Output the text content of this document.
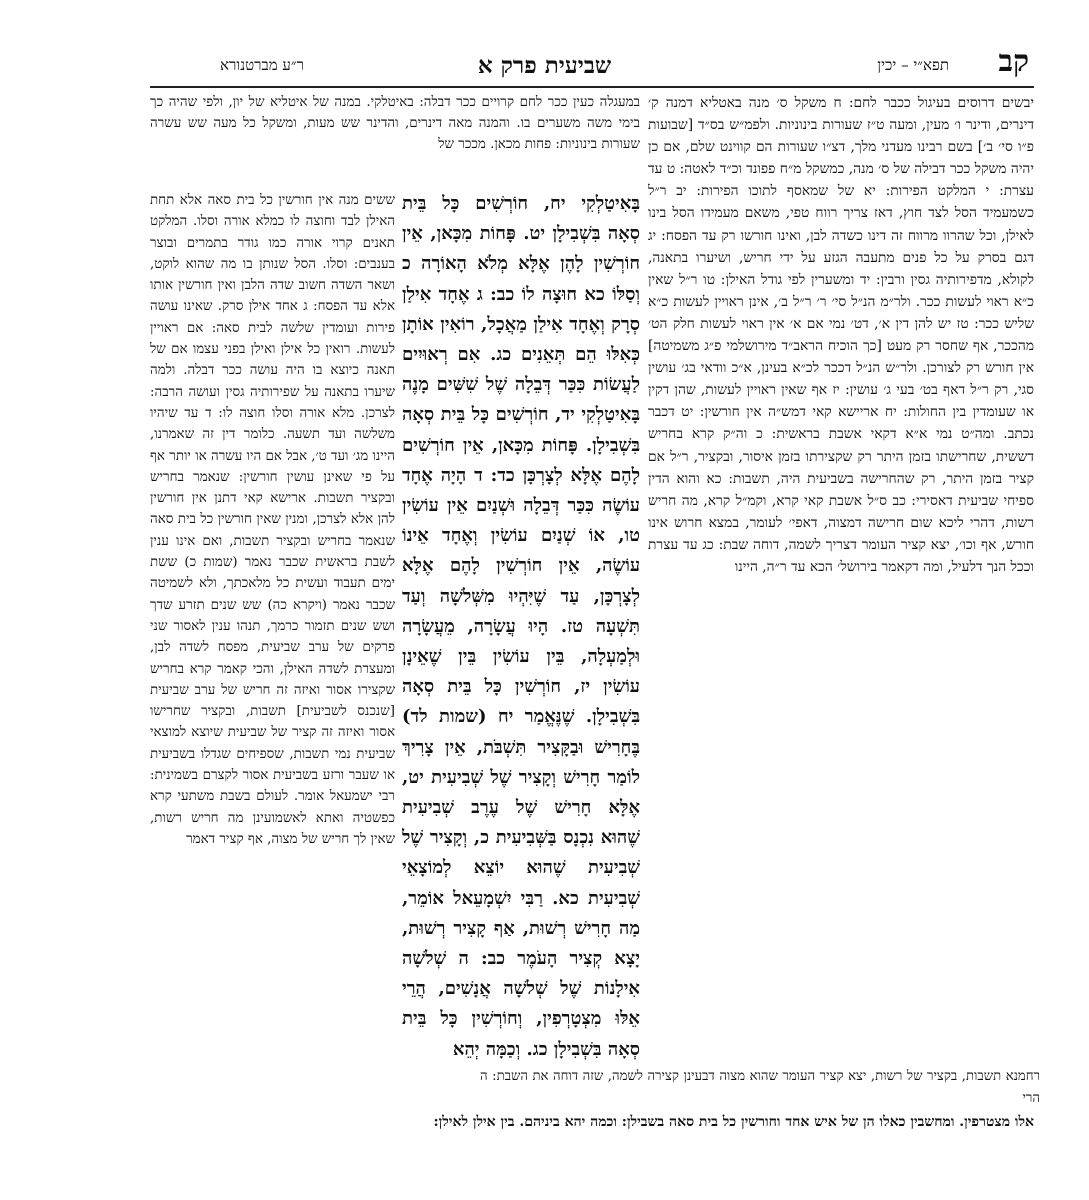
קב
תפא״י – יכין
שביעית פרק א
ר״ע מברטנורא

יבשים דרוסים בעיגול ככבר לחם: ח משקל ס׳ מנה באטליא דמנה ק׳ דינרים, ודינר ו׳ מעין, ומעה ט״ז שעורות בינוניות. ולפמ״ש בס״ד [שבועות פ״ו סי׳ ב׳] בשם רבינו מעדני מלך, דצ״ו שעורות הם קווינט שלם, אם כן יהיה משקל ככר דבילה של ס׳ מנה, כמשקל מ״ח פפונד וכ״ד לאטה: ט עד עצרת: י המלקט הפירות: יא של שמאסף לתוכו הפירות: יב ר״ל כשמעמיד הסל לצד חוץ, דאז צריך רווח טפי, משאם מעמידו הסל בינו לאילן, וכל שהרוו מרווח זה דינו כשדה לבן, ואינו חורשו רק עד הפסח: יג דגם בסרק על כל פנים מתעבה הגזע על ידי חריש, ושיערו בתאנה, לקולא, מדפירותיה גסין ורבין: יד ומשערין לפי גודל האילן: טו ר״ל שאין כ״א ראוי לעשות ככר. ולר״מ הנ״ל סי׳ ר׳ ר״ל ב׳, אינן ראויין לעשות כ״א שליש ככר: טז יש להן דין א׳, דט׳ נמי אם א׳ אין ראוי לעשות חלק הט׳ מהככר, אף שחסר רק מעט [כך הוכיח הראב״ד מירושלמי פ״ג משמיטה] אין חורש רק לצורכן. ולר״ש הנ״ל דככר לכ״א בעינן, א״כ וודאי בג׳ עושין סגי, רק ר״ל דאף בט׳ בעי ג׳ עושין: יז אף שאין ראויין לעשות, שהן דקין או שעומדין בין החולות: יח אריישא קאי דמש״ה אין חורשין: יט דכבר נכתב. ומה״ט נמי א״א דקאי אשבת בראשית: כ וה״ק קרא בחריש דששית, שחרישתו בזמן היתר רק שקצירתו בזמן איסור, ובקציר, ר״ל אם קציר בזמן היתר, רק שהחרישה בשביעית היה, תשבות: כא והוא הדין ספיחי שביעית דאסירי: כב ס״ל אשבת קאי קרא, וקמ״ל קרא, מה חריש רשות, דהרי ליכא שום חרישה דמצוה, דאפי׳ לעומר, במצא חרוש אינו חורש, אף וכו׳, יצא קציר העומר דצריך לשמה, דוחה שבת: כג עד עצרת וככל הנך דלעיל, ומה דקאמר בירושל׳ הכא עד ר״ה, היינו

במעגלה כעין ככר לחם קרויים ככר דבלה: באיטלקי. במנה של איטליא של יון, ולפי שהיה כך בימי משה משערים בו. והמנה מאה דינרים, והדינר שש מעות, ומשקל כל מעה שש עשרה שעורות בינוניות: פחות מכאן. מככר של

בָּאִיטַלְקִי יח, חוֹרְשִׁים כָּל בֵּית סְאָה בִּשְׁבִילָן יט. פָּחוֹת מִכָּאן, אֵין חוֹרְשִׁין לָהֶן אֶלָּא מְלֹא הָאוֹרָה כ וְסַלּוֹ כא חוּצָה לוֹ כב: ג אֶחָד אִילַן סְרָק וְאֶחָד אִילַן מַאֲכָל, רוֹאִין אוֹתָן כְּאִלּוּ הֵם תְּאֵנִים כג. אִם רְאוּיִים לַעֲשׂוֹת כִּכַּר דְּבֵלָה שֶׁל שִׁשִּׁים מָנֶה בָּאִיטַלְקִי יד, חוֹרְשִׁים כָּל בֵּית סְאָה בִּשְׁבִילָן. פָּחוֹת מִכָּאן, אֵין חוֹרְשִׁים לָהֶם אֶלָּא לְצָרְכָּן כד: ד הָיָה אֶחָד עוֹשֶׂה כִּכַּר דְּבֵלָה וּשְׁנַיִם אֵין עוֹשִׂין טו, אוֹ שְׁנַיִם עוֹשִׂין וְאֶחָד אֵינוֹ עוֹשֶׂה, אֵין חוֹרְשִׁין לָהֶם אֶלָּא לְצָרְכָּן, עַד שֶׁיִּהְיוּ מִשְּׁלשָׁה וְעַד תִּשְׁעָה טז. הָיוּ עֲשָׂרָה, מֵעֲשָׂרָה וּלְמַעְלָה, בֵּין עוֹשִׂין בֵּין שֶׁאֵינָן עוֹשִׂין יז, חוֹרְשִׁין כָּל בֵּית סְאָה בִּשְׁבִילָן. שֶׁנֶּאֱמַר יח (שמות לד) בֶּחָרִישׁ וּבַקָּצִיר תִּשְׁבֹּת, אֵין צָרִיךְ לוֹמַר חָרִישׁ וְקָצִיר שֶׁל שְׁבִיעִית יט, אֶלָּא חָרִישׁ שֶׁל עֶרֶב שְׁבִיעִית שֶׁהוּא נִכְנָס בַּשְּׁבִיעִית כ, וְקָצִיר שֶׁל שְׁבִיעִית שֶׁהוּא יוֹצֵא לְמוֹצָאֵי שְׁבִיעִית כא. רַבִּי יִשְׁמָעֵאל אוֹמֵר, מַה חָרִישׁ רְשׁוּת, אַף קָצִיר רְשׁוּת, יָצָא קְצִיר הָעֹמֶר כב: ה שְׁלשָׁה אִילָנוֹת שֶׁל שְׁלשָׁה אֲנָשִׁים, הֲרֵי אֵלּוּ מִצְטָרְפִין, וְחוֹרְשִׁין כָּל בֵּית סְאָה בִּשְׁבִילָן כג. וְכַמָּה יְהֵא

ששים מנה אין חורשין כל בית סאה אלא תחת האילן לבד וחוצה לו כמלא אורה וסלו. המלקט תאנים קרוי אורה כמו גודר בתמרים ובוצר בענבים: וסלו. הסל שנותן בו מה שהוא לוקט, ושאר השדה חשוב שדה הלבן ואין חורשין אותו אלא עד הפסח: ג אחד אילן סרק. שאינו עושה פירות ועומדין שלשה לבית סאה: אם ראויין לעשות. רואין כל אילן ואילן בפני עצמו אם של תאנה כיוצא בו היה עושה ככר דבלה. ולמה שיערו בתאנה על שפירותיה גסין ועושה הרבה: לצרכן. מלא אורה וסלו חוצה לו: ד עד שיהיו משלשה ועד תשעה. כלומר דין זה שאמרנו, היינו מג׳ ועד ט׳, אבל אם היו עשרה או יותר אף על פי שאינן עושין חורשין: שנאמר בחריש ובקציר תשבות. ארישא קאי דתנן אין חורשין להן אלא לצרכן, ומנין שאין חורשין כל בית סאה שנאמר בחריש ובקציר תשבות, ואם אינו ענין לשבת בראשית שכבר נאמר (שמות כ) ששת ימים תעבוד ועשית כל מלאכתך, ולא לשמיטה שכבר נאמר (ויקרא כה) שש שנים תזרע שדך ושש שנים תזמור כרמך, תנהו ענין לאסור שני פרקים של ערב שביעית, מפסח לשדה לבן, ומעצרת לשדה האילן, והכי קאמר קרא בחריש שקצירו אסור ואיזה זה חריש של ערב שביעית [שנכנס לשביעית] תשבות, ובקציר שחרישו אסור ואיזה זה קציר של שביעית שיוצא למוצאי שביעית נמי תשבות, שספיחים שגדלו בשביעית או שעבר ורזע בשביעית אסור לקצרם בשמינית: רבי ישמעאל אומר. לעולם בשבת משתעי קרא כפשטיה ואתא לאשמועינן מה חריש רשות, שאין לך חריש של מצוה, אף קציר דאמר

רחמנא תשבות, בקציר של רשות, יצא קציר העומר שהוא מצוה דבעינן קצירה לשמה, שזה דוחה את השבת: ה הרי
אלו מצטרפין. ומחשבין כאלו הן של איש אחד וחורשין כל בית סאה בשבילן: וכמה יהא ביניהם. בין אילן לאילן:
